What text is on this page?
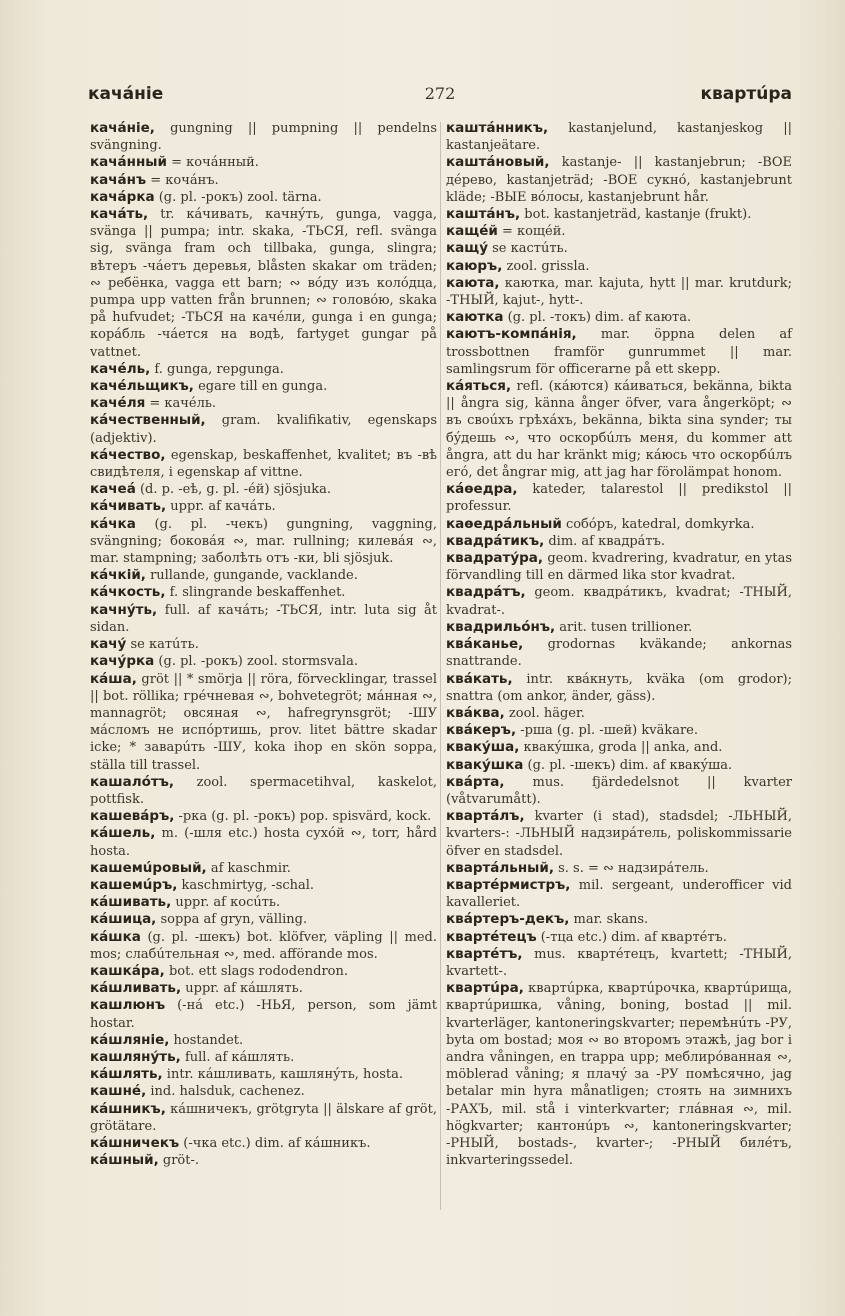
качáніе	272	квартúра

качáніе, gungning || pumpning || pendelns svängning.

качáнный = кочáнный.

качáнъ = кочáнъ.

качáрка (g. pl. -рокъ) zool. tärna.

качáть, tr. кáчивать, качнýть, gunga, vagga, svänga || pumpa; intr. skaka, -ТЬСЯ, refl. svänga sig, svänga fram och tillbaka, gunga, slingra; вѣтеръ -чáетъ деревья, blåsten skakar om träden; ∾ ребёнка, vagga ett barn; ∾ вóду изъ колóдца, pumpa upp vatten från brunnen; ∾ головóю, skaka på hufvudet; -ТЬСЯ на качéли, gunga i en gunga; корáбль -чáется на водѣ, fartyget gungar på vattnet.

качéль, f. gunga, repgunga.

качéльщикъ, egare till en gunga.

качéля = качéль.

кáчественный, gram. kvalifikativ, egenskaps (adjektiv).

кáчество, egenskap, beskaffenhet, kvalitet; въ -вѣ свидѣтеля, i egenskap af vittne.

качеá (d. p. -еѣ, g. pl. -éй) sjösjuka.

кáчивать, uppr. af качáть.

кáчка (g. pl. -чекъ) gungning, vaggning, svängning; боковáя ∾, mar. rullning; килевáя ∾, mar. stampning; заболѣть отъ -ки, bli sjösjuk.

кáчкій, rullande, gungande, vacklande.

кáчкость, f. slingrande beskaffenhet.

качнýть, full. af качáть; -ТЬСЯ, intr. luta sig åt sidan.

качý se катúть.

качýрка (g. pl. -рокъ) zool. stormsvala.

кáша, gröt || * smörja || röra, förvecklingar, trassel || bot. röllika; грéчневая ∾, bohvetegröt; мáнная ∾, mannagröt; овсяная ∾, hafregrynsgröt; -ШУ мáсломъ не испóртишь, prov. litet bättre skadar icke; * заварúть -ШУ, koka ihop en skön soppa, ställa till trassel.

кашалóтъ, zool. spermacetihval, kaskelot, pottfisk.

кашевáръ, -рка (g. pl. -рокъ) pop. spisvärd, kock.

кáшель, m. (-шля etc.) hosta сухóй ∾, torr, hård hosta.

кашемúровый, af kaschmir.

кашемúръ, kaschmirtyg, -schal.

кáшивать, uppr. af косúть.

кáшица, soppa af gryn, välling.

кáшка (g. pl. -шекъ) bot. klöfver, väpling || med. mos; слабúтельная ∾, med. afförande mos.

кашкáра, bot. ett slags rododendron.

кáшливать, uppr. af кáшлять.

кашлюнъ (-нá etc.) -НЬЯ, person, som jämt hostar.

кáшляніе, hostandet.

кашлянýть, full. af кáшлять.

кáшлять, intr. кáшливать, кашлянýть, hosta.

кашнé, ind. halsduk, cachenez.

кáшникъ, кáшничекъ, grötgryta || älskare af gröt, grötätare.

кáшничекъ (-чка etc.) dim. af кáшникъ.

кáшный, gröt-.

каштáнникъ, kastanjelund, kastanjeskog || kastanjeätare.

каштáновый, kastanje- || kastanjebrun; -ВОЕ дéрево, kastanjeträd; -ВОЕ сукнó, kastanjebrunt kläde; -ВЫЕ вóлосы, kastanjebrunt hår.

каштáнъ, bot. kastanjeträd, kastanje (frukt).

кащéй = кощéй.

кащý se кастúть.

каюръ, zool. grissla.

каюта, каюткa, mar. kajuta, hytt || mar. krutdurk; -ТНЫЙ, kajut-, hytt-.

каютка (g. pl. -токъ) dim. af каюта.

каютъ-компáнія, mar. öppna delen af trossbottnen framför gunrummet || mar. samlingsrum för officerarne på ett skepp.

кáяться, refl. (кáются) кáиваться, bekänna, bikta || ångra sig, känna ånger öfver, vara ångerköpt; ∾ въ своúхъ грѣхáхъ, bekänna, bikta sina synder; ты бýдешь ∾, что оскорбúлъ меня, du kommer att ångra, att du har kränkt mig; кáюсь что оскорбúлъ егó, det ångrar mig, att jag har förolämpat honom.

кáѳедра, kateder, talarestol || predikstol || professur.

каѳедрáльный собóръ, katedral, domkyrka.

квадрáтикъ, dim. af квадрáтъ.

квадратýра, geom. kvadrering, kvadratur, en ytas förvandling till en därmed lika stor kvadrat.

квадрáтъ, geom. квадрáтикъ, kvadrat; -ТНЫЙ, kvadrat-.

квадрильóнъ, arit. tusen trillioner.

квáканье, grodornas kväkande; ankornas snattrande.

квáкать, intr. квáкнуть, kväka (om grodor); snattra (om ankor, änder, gäss).

квáква, zool. häger.

квáкеръ, -рша (g. pl. -шей) kväkare.

квакýша, квакýшка, groda || anka, and.

квакýшка (g. pl. -шекъ) dim. af квакýша.

квáрта, mus. fjärdedelsnot || kvarter (våtvarumått).

квартáлъ, kvarter (i stad), stadsdel; -ЛЬНЫЙ, kvarters-: -ЛЬНЫЙ надзирáтель, poliskommissarie öfver en stadsdel.

квартáльный, s. s. = ∾ надзирáтель.

квартéрмистръ, mil. sergeant, underofficer vid kavalleriet.

квáртеръ-декъ, mar. skans.

квартéтецъ (-тца etc.) dim. af квартéтъ.

квартéтъ, mus. квартéтецъ, kvartett; -ТНЫЙ, kvartett-.

квартúра, квартúрка, квартúрочка, квартúрища, квартúришка, våning, boning, bostad || mil. kvarterläger, kantoneringskvarter; перемѣнúть -РУ, byta om bostad; моя ∾ во второмъ этажѣ, jag bor i andra våningen, en trappa upp; меблирóванная ∾, möblerad våning; я плачý за -РУ помѣсячно, jag betalar min hyra månatligen; стоять на зимнихъ -РАХЪ, mil. stå i vinterkvarter; глáвная ∾, mil. högkvarter; кантонúръ ∾, kantoneringskvarter; -РНЫЙ, bostads-, kvarter-; -РНЫЙ билéтъ, inkvarteringssedel.
